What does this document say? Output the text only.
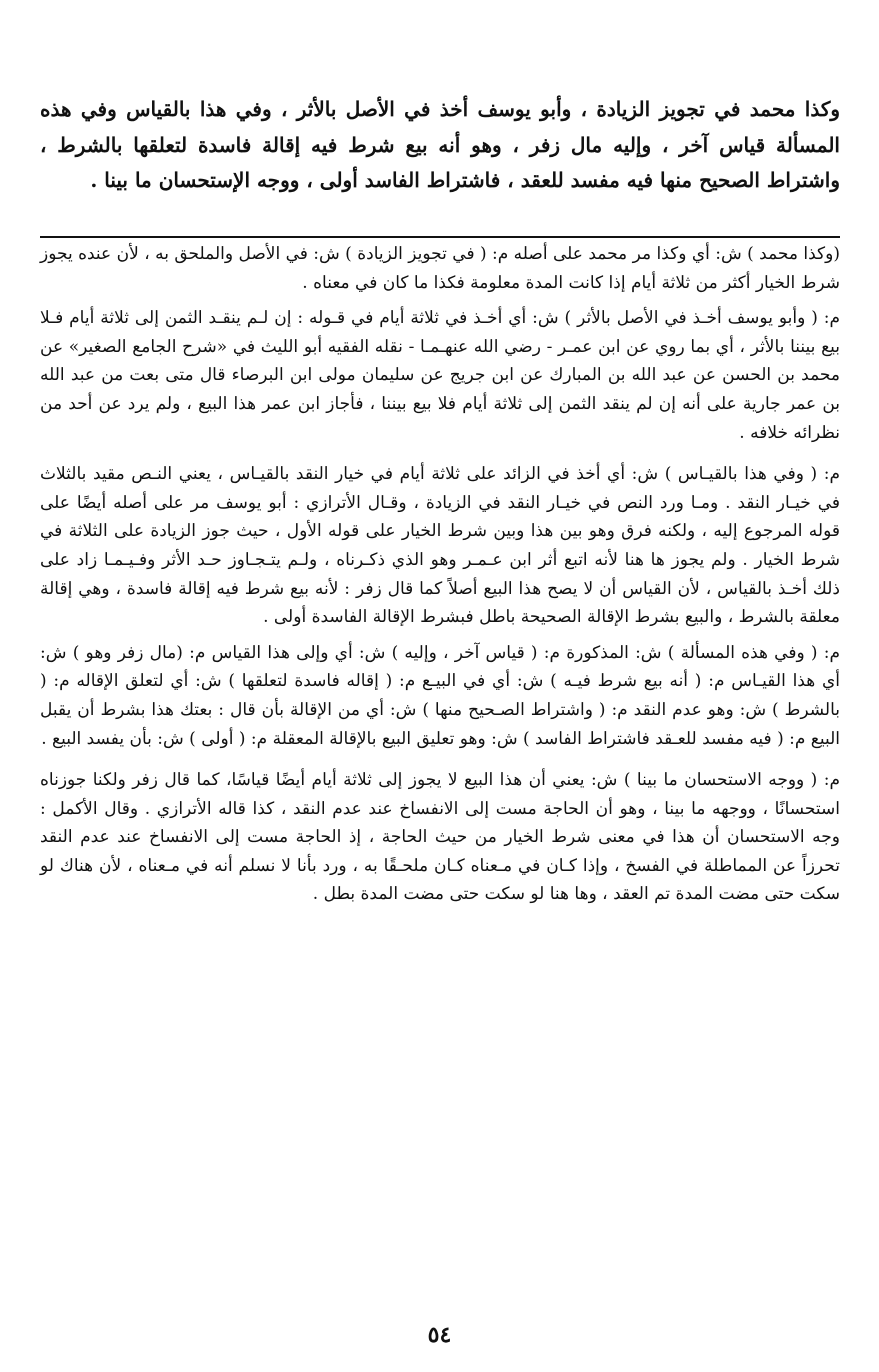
وكذا محمد في تجويز الزيادة ، وأبو يوسف أخذ في الأصل بالأثر ، وفي هذا بالقياس وفي هذه المسألة قياس آخر ، وإليه مال زفر ، وهو أنه بيع شرط فيه إقالة فاسدة لتعلقها بالشرط ، واشتراط الصحيح منها فيه مفسد للعقد ، فاشتراط الفاسد أولى ، ووجه الإستحسان ما بينا .

(وكذا محمد ) ش: أي وكذا مر محمد على أصله م: ( في تجويز الزيادة ) ش: في الأصل والملحق به ، لأن عنده يجوز شرط الخيار أكثر من ثلاثة أيام إذا كانت المدة معلومة فكذا ما كان في معناه .

م: ( وأبو يوسف أخـذ في الأصل بالأثر ) ش: أي أخـذ في ثلاثة أيام في قـوله : إن لـم ينقـد الثمن إلى ثلاثة أيام فـلا بيع بيننا بالأثر ، أي بما روي عن ابن عمـر - رضي الله عنهـمـا - نقله الفقيه أبو الليث في «شرح الجامع الصغير» عن محمد بن الحسن عن عبد الله بن المبارك عن ابن جريج عن سليمان مولى ابن البرصاء قال متى بعت من عبد الله بن عمر جارية على أنه إن لم ينقد الثمن إلى ثلاثة أيام فلا بيع بيننا ، فأجاز ابن عمر هذا البيع ، ولم يرد عن أحد من نظرائه خلافه .

م: ( وفي هذا بالقيـاس ) ش: أي أخذ في الزائد على ثلاثة أيام في خيار النقد بالقيـاس ، يعني النـص مقيد بالثلاث في خيـار النقد . ومـا ورد النص في خيـار النقد في الزيادة ، وقـال الأترازي : أبو يوسف مر على أصله أيضًا على قوله المرجوع إليه ، ولكنه فرق وهو بين هذا وبين شرط الخيار على قوله الأول ، حيث جوز الزيادة على الثلاثة في شرط الخيار . ولم يجوز ها هنا لأنه اتبع أثر ابن عـمـر وهو الذي ذكـرناه ، ولـم يتـجـاوز حـد الأثر وفـيـمـا زاد على ذلك أخـذ بالقياس ، لأن القياس أن لا يصح هذا البيع أصلاً كما قال زفر : لأنه بيع شرط فيه إقالة فاسدة ، وهي إقالة معلقة بالشرط ، والبيع بشرط الإقالة الصحيحة باطل فبشرط الإقالة الفاسدة أولى .

م: ( وفي هذه المسألة ) ش: المذكورة م: ( قياس آخر ، وإليه ) ش: أي وإلى هذا القياس م: (مال زفر وهو ) ش: أي هذا القيـاس م: ( أنه بيع شرط فيـه ) ش: أي في البيـع م: ( إقاله فاسدة لتعلقها ) ش: أي لتعلق الإقاله م: ( بالشرط ) ش: وهو عدم النقد م: ( واشتراط الصـحيح منها ) ش: أي من الإقالة بأن قال : بعتك هذا بشرط أن يقبل البيع م: ( فيه مفسد للعـقد فاشتراط الفاسد ) ش: وهو تعليق البيع بالإقالة المعقلة م: ( أولى ) ش: بأن يفسد البيع .

م: ( ووجه الاستحسان ما بينا ) ش: يعني أن هذا البيع لا يجوز إلى ثلاثة أيام أيضًا قياسًا، كما قال زفر ولكنا جوزناه استحسانًا ، ووجهه ما بينا ، وهو أن الحاجة مست إلى الانفساخ عند عدم النقد ، كذا قاله الأترازي . وقال الأكمل : وجه الاستحسان أن هذا في معنى شرط الخيار من حيث الحاجة ، إذ الحاجة مست إلى الانفساخ عند عدم النقد تحرزاً عن المماطلة في الفسخ ، وإذا كـان في مـعناه كـان ملحـقًا به ، ورد بأنا لا نسلم أنه في مـعناه ، لأن هناك لو سكت حتى مضت المدة تم العقد ، وها هنا لو سكت حتى مضت المدة بطل .

٥٤
